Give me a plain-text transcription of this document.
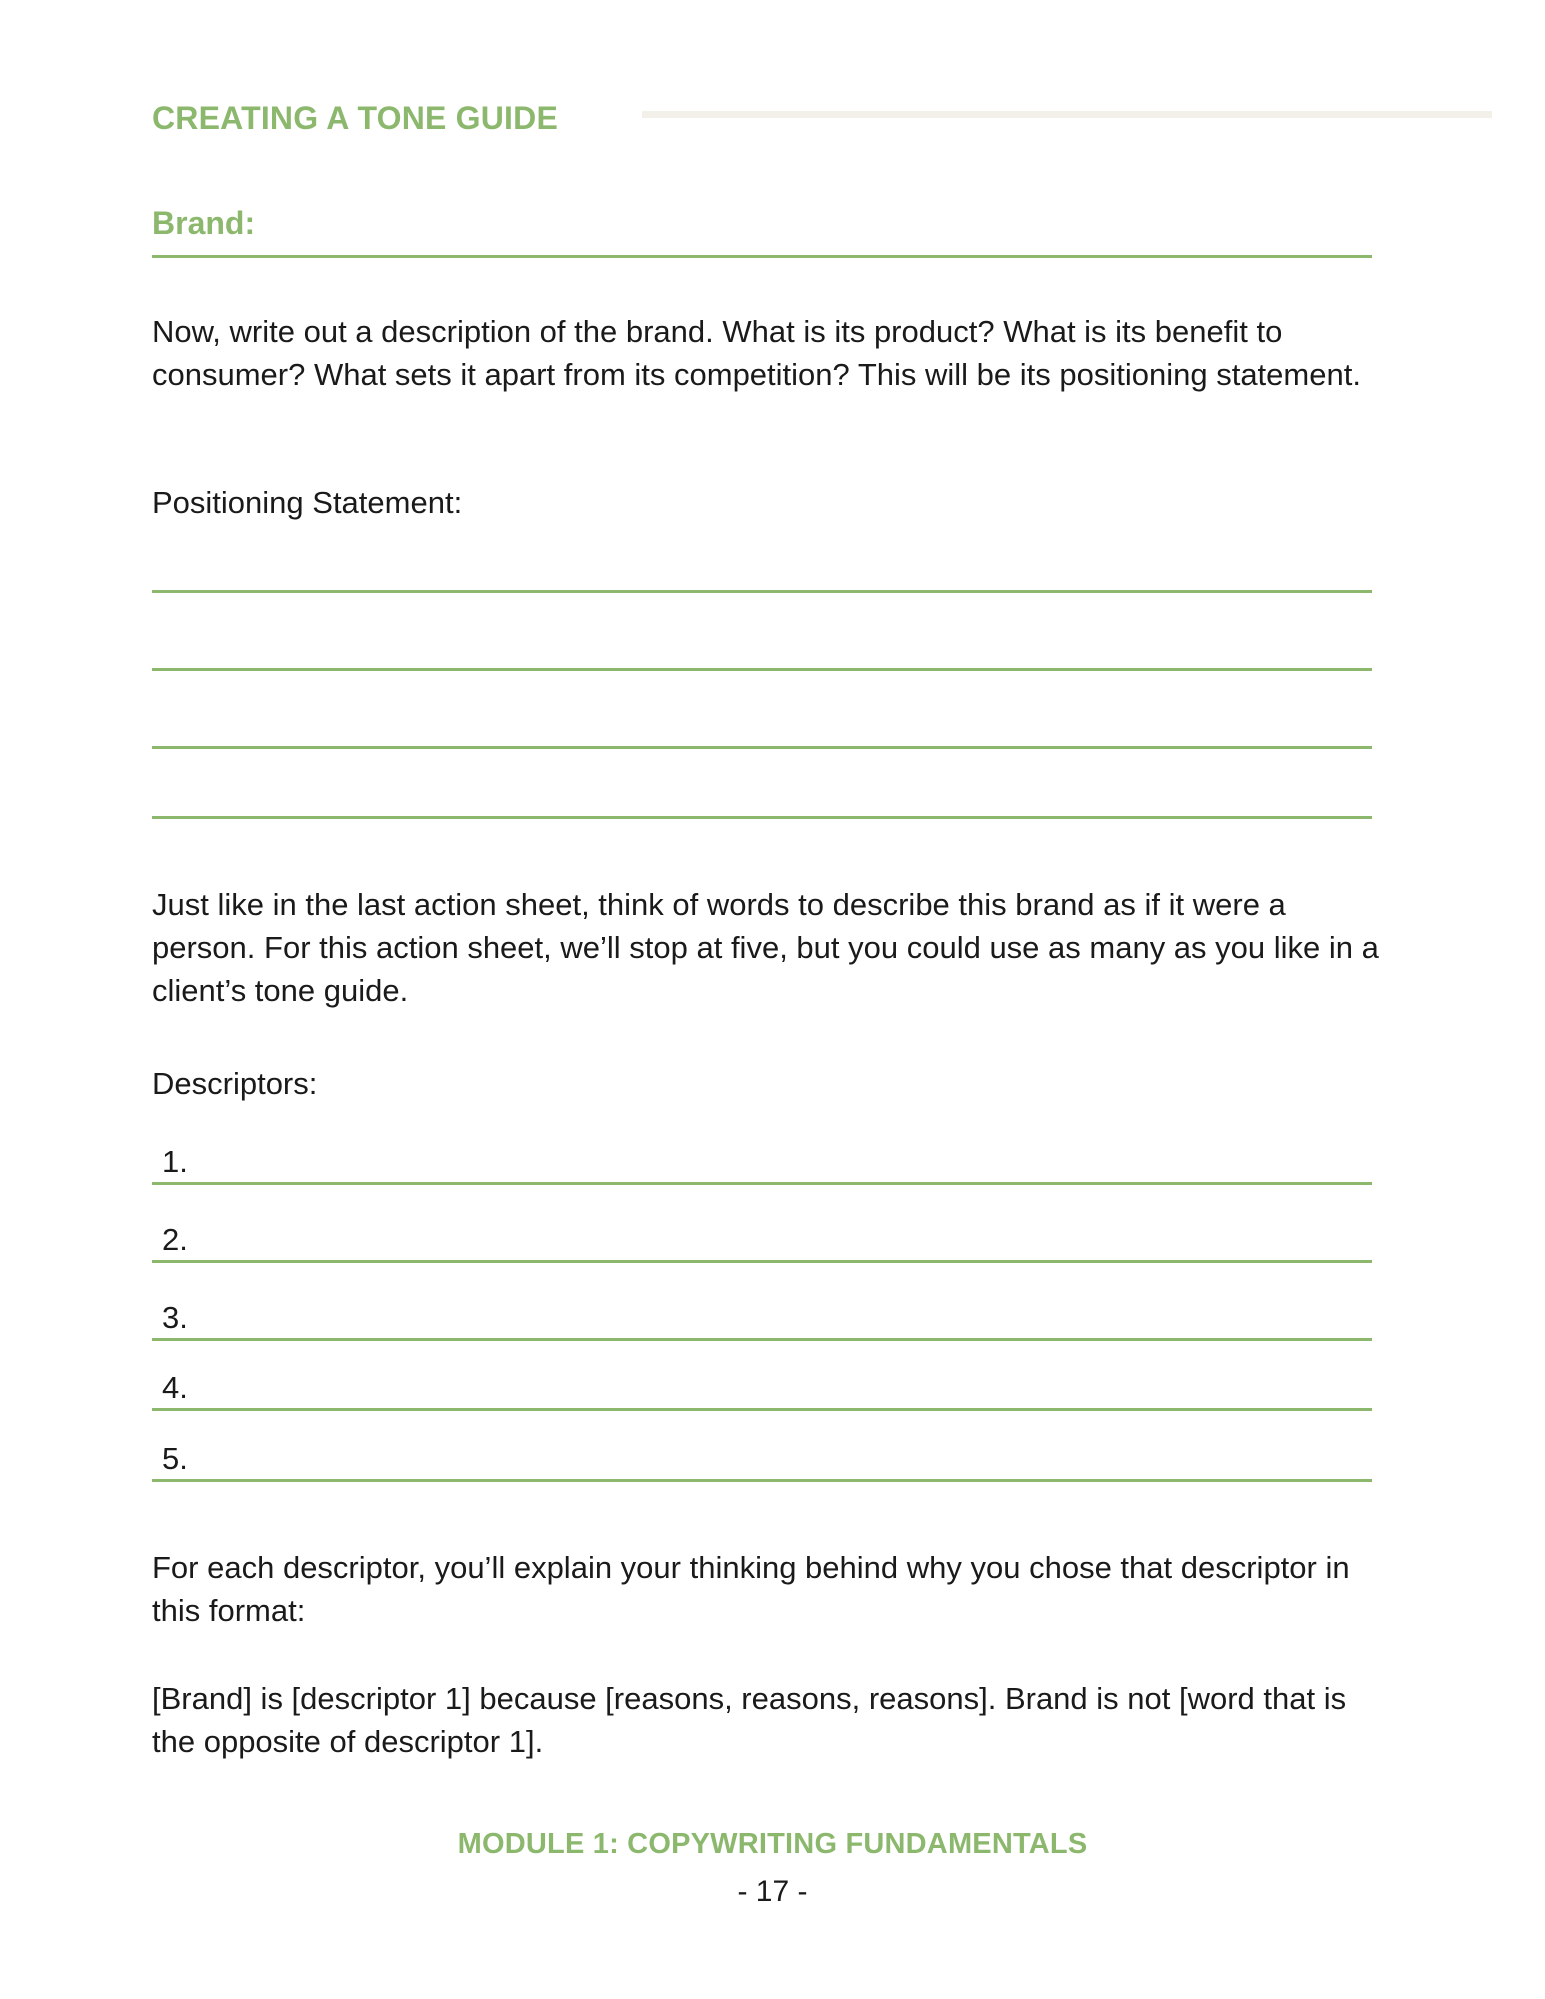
CREATING A TONE GUIDE
Brand:
Now, write out a description of the brand. What is its product? What is its benefit to consumer? What sets it apart from its competition? This will be its positioning statement.
Positioning Statement:
Just like in the last action sheet, think of words to describe this brand as if it were a person. For this action sheet, we’ll stop at five, but you could use as many as you like in a client’s tone guide.
Descriptors:
1.
2.
3.
4.
5.
For each descriptor, you’ll explain your thinking behind why you chose that descriptor in this format:
[Brand] is [descriptor 1] because [reasons, reasons, reasons]. Brand is not [word that is the opposite of descriptor 1].
MODULE 1: COPYWRITING FUNDAMENTALS
- 17 -
